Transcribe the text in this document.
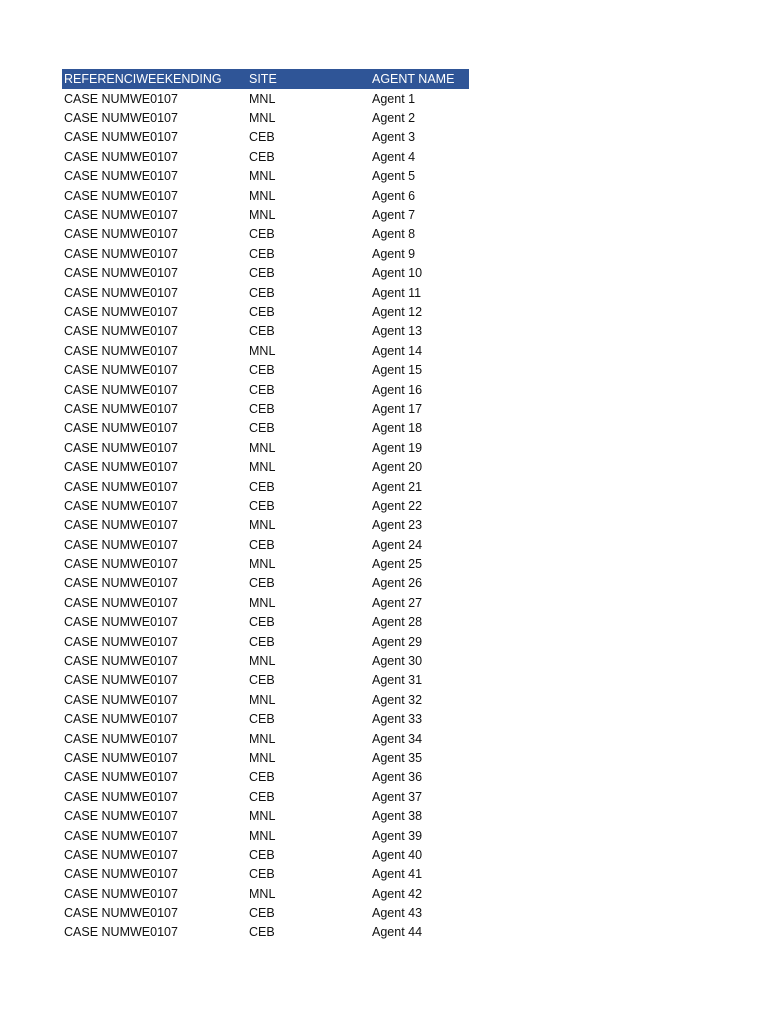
REFERENCIWEEKENDING	SITE	AGENT NAME
CASE NUMWE0107	MNL	Agent 1
CASE NUMWE0107	MNL	Agent 2
CASE NUMWE0107	CEB	Agent 3
CASE NUMWE0107	CEB	Agent 4
CASE NUMWE0107	MNL	Agent 5
CASE NUMWE0107	MNL	Agent 6
CASE NUMWE0107	MNL	Agent 7
CASE NUMWE0107	CEB	Agent 8
CASE NUMWE0107	CEB	Agent 9
CASE NUMWE0107	CEB	Agent 10
CASE NUMWE0107	CEB	Agent 11
CASE NUMWE0107	CEB	Agent 12
CASE NUMWE0107	CEB	Agent 13
CASE NUMWE0107	MNL	Agent 14
CASE NUMWE0107	CEB	Agent 15
CASE NUMWE0107	CEB	Agent 16
CASE NUMWE0107	CEB	Agent 17
CASE NUMWE0107	CEB	Agent 18
CASE NUMWE0107	MNL	Agent 19
CASE NUMWE0107	MNL	Agent 20
CASE NUMWE0107	CEB	Agent 21
CASE NUMWE0107	CEB	Agent 22
CASE NUMWE0107	MNL	Agent 23
CASE NUMWE0107	CEB	Agent 24
CASE NUMWE0107	MNL	Agent 25
CASE NUMWE0107	CEB	Agent 26
CASE NUMWE0107	MNL	Agent 27
CASE NUMWE0107	CEB	Agent 28
CASE NUMWE0107	CEB	Agent 29
CASE NUMWE0107	MNL	Agent 30
CASE NUMWE0107	CEB	Agent 31
CASE NUMWE0107	MNL	Agent 32
CASE NUMWE0107	CEB	Agent 33
CASE NUMWE0107	MNL	Agent 34
CASE NUMWE0107	MNL	Agent 35
CASE NUMWE0107	CEB	Agent 36
CASE NUMWE0107	CEB	Agent 37
CASE NUMWE0107	MNL	Agent 38
CASE NUMWE0107	MNL	Agent 39
CASE NUMWE0107	CEB	Agent 40
CASE NUMWE0107	CEB	Agent 41
CASE NUMWE0107	MNL	Agent 42
CASE NUMWE0107	CEB	Agent 43
CASE NUMWE0107	CEB	Agent 44
